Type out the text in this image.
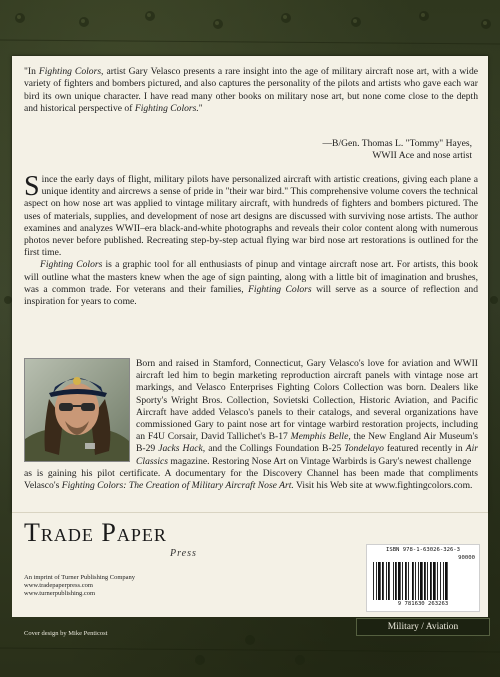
"In Fighting Colors, artist Gary Velasco presents a rare insight into the age of military aircraft nose art, with a wide variety of fighters and bombers pictured, and also captures the personality of the pilots and artists who gave each war bird its own unique character. I have read many other books on military nose art, but none come close to the depth and historical perspective of Fighting Colors."

—B/Gen. Thomas L. "Tommy" Hayes,
WWII Ace and nose artist

Since the early days of flight, military pilots have personalized aircraft with artistic creations, giving each plane a unique identity and aircrews a sense of pride in "their war bird." This comprehensive volume covers the technical aspect on how nose art was applied to vintage military aircraft, with hundreds of fighters and bombers pictured. The uses of materials, supplies, and development of nose art designs are discussed with surviving nose artists. The author examines and analyzes WWII–era black-and-white photographs and reveals their color content along with numerous photos never before published. Recreating step-by-step actual flying war bird nose art restorations is outlined for the first time.

Fighting Colors is a graphic tool for all enthusiasts of pinup and vintage aircraft nose art. For artists, this book will outline what the masters knew when the age of sign painting, along with a little bit of imagination and brushes, was a common trade. For veterans and their families, Fighting Colors will serve as a source of reflection and inspiration for years to come.

Born and raised in Stamford, Connecticut, Gary Velasco's love for aviation and WWII aircraft led him to begin marketing reproduction aircraft panels with vintage nose art markings, and Velasco Enterprises Fighting Colors Collection was born. Dealers like Sporty's Wright Bros. Collection, Sovietski Collection, Historic Aviation, and Pacific Aircraft have added Velasco's panels to their catalogs, and several organizations have commissioned Gary to paint nose art for vintage warbird restoration projects, including an F4U Corsair, David Tallichet's B-17 Memphis Belle, the New England Air Museum's B-29 Jacks Hack, and the Collings Foundation B-25 Tondelayo featured recently in Air Classics magazine. Restoring Nose Art on Vintage Warbirds is Gary's newest challenge
as is gaining his pilot certificate. A documentary for the Discovery Channel has been made that compliments Velasco's Fighting Colors: The Creation of Military Aircraft Nose Art. Visit his Web site at www.fightingcolors.com.
Trade Paper
Press
An imprint of Turner Publishing Company
www.tradepaperpress.com
www.turnerpublishing.com
Cover design by Mike Penticost
ISBN 978-1-63026-326-3
90000
9 781630 263263
Military / Aviation
